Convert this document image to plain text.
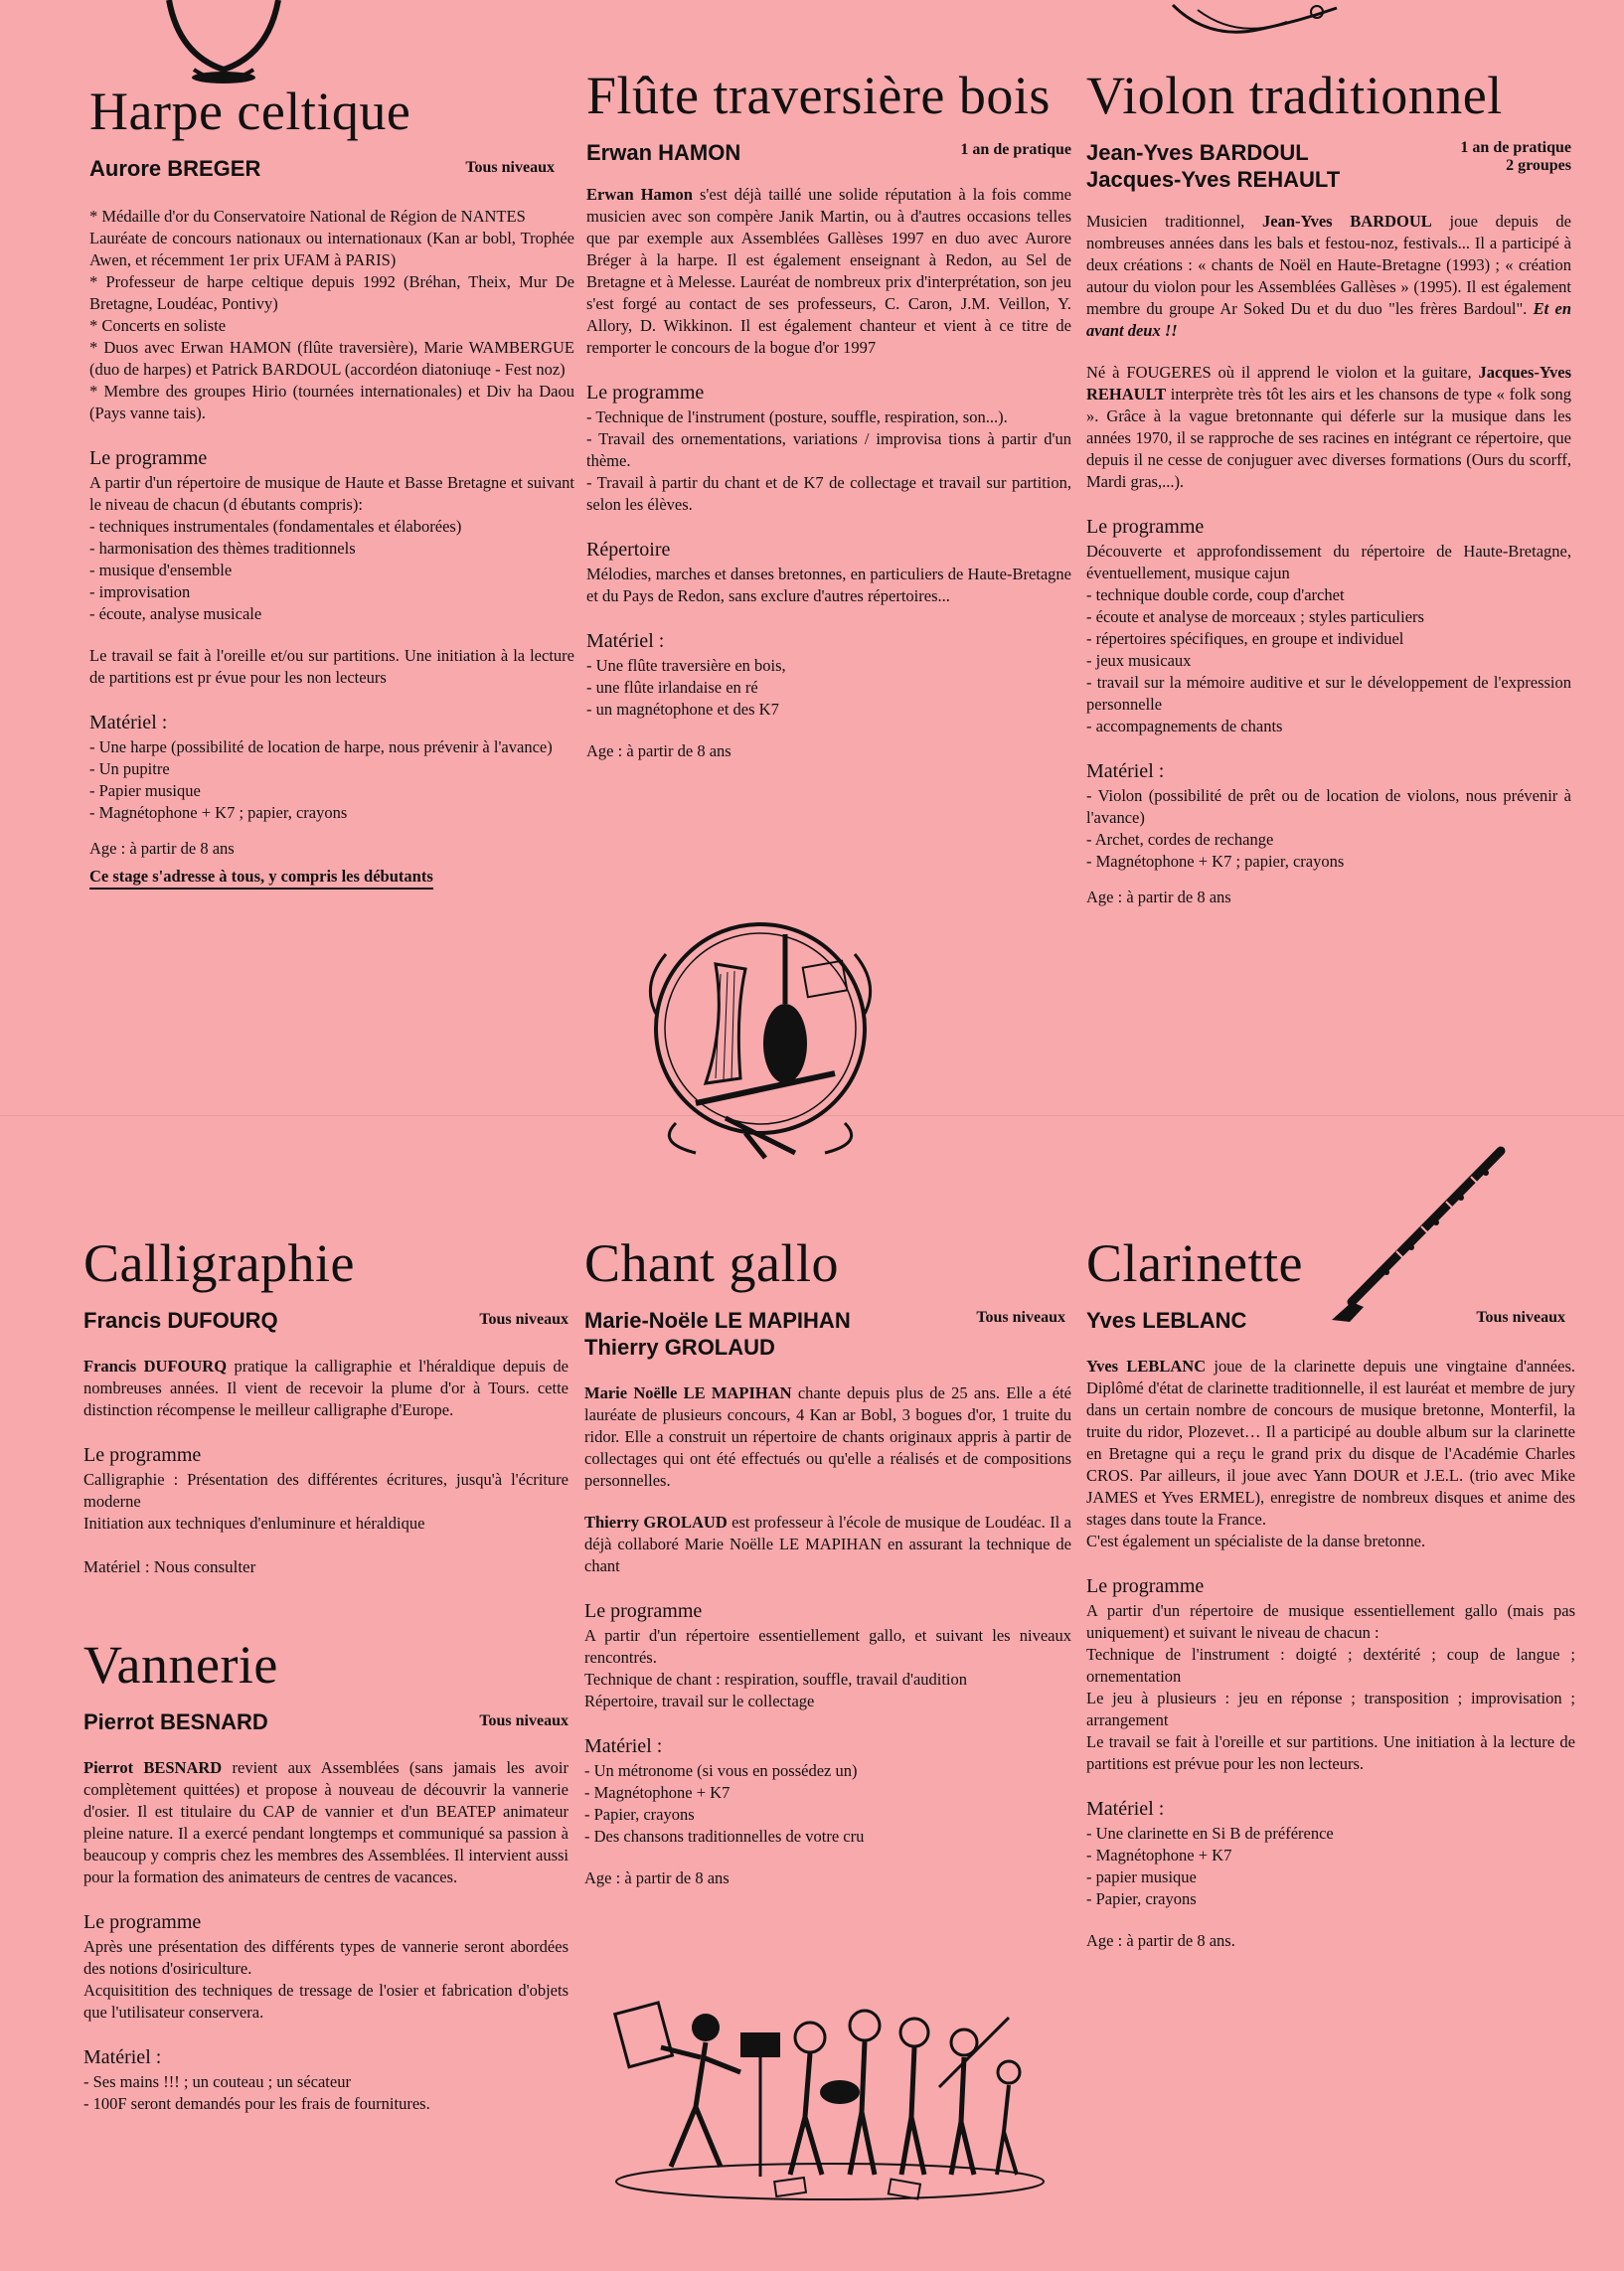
Harpe celtique
Tous niveaux
Aurore BREGER

* Médaille d'or du Conservatoire National de Région de NANTES

Lauréate de concours nationaux ou internationaux (Kan ar bobl, Trophée Awen, et récemment 1er prix UFAM à PARIS)

* Professeur de harpe celtique depuis 1992 (Bréhan, Theix, Mur De Bretagne, Loudéac, Pontivy)

* Concerts en soliste

* Duos avec Erwan HAMON (flûte traversière), Marie WAMBERGUE (duo de harpes) et Patrick BARDOUL (accordéon diatoniuqe - Fest noz)

* Membre des groupes Hirio (tournées internationales) et Div ha Daou (Pays vanne tais).

Le programme

A partir d'un répertoire de musique de Haute et Basse Bretagne et suivant le niveau de chacun (d ébutants compris):

- techniques instrumentales (fondamentales et élaborées)

- harmonisation des thèmes traditionnels

- musique d'ensemble

- improvisation

- écoute, analyse musicale

Le travail se fait à l'oreille et/ou sur partitions. Une initiation à la lecture de partitions est pr évue pour les non lecteurs

Matériel :

- Une harpe (possibilité de location de harpe, nous prévenir à l'avance)

- Un pupitre

- Papier musique

- Magnétophone + K7 ; papier, crayons

Age : à partir de 8 ans

Ce stage s'adresse à tous, y compris les débutants
Flûte traversière bois
1 an de pratique
Erwan HAMON

Erwan Hamon s'est déjà taillé une solide réputation à la fois comme musicien avec son compère Janik Martin, ou à d'autres occasions telles que par exemple aux Assemblées Gallèses 1997 en duo avec Aurore Bréger à la harpe. Il est également enseignant à Redon, au Sel de Bretagne et à Melesse. Lauréat de nombreux prix d'interprétation, son jeu s'est forgé au contact de ses professeurs, C. Caron, J.M. Veillon, Y. Allory, D. Wikkinon. Il est également chanteur et vient à ce titre de remporter le concours de la bogue d'or 1997

Le programme

- Technique de l'instrument (posture, souffle, respiration, son...).

- Travail des ornementations, variations / improvisa tions à partir d'un thème.

- Travail à partir du chant et de K7 de collectage et travail sur partition, selon les élèves.

Répertoire

Mélodies, marches et danses bretonnes, en particuliers de Haute-Bretagne et du Pays de Redon, sans exclure d'autres répertoires...

Matériel :

- Une flûte traversière en bois,

- une flûte irlandaise en ré

- un magnétophone et des K7

Age : à partir de 8 ans

Violon traditionnel
1 an de pratique
2 groupes
Jean-Yves BARDOUL
Jacques-Yves REHAULT

Musicien traditionnel, Jean-Yves BARDOUL joue depuis de nombreuses années dans les bals et festou-noz, festivals... Il a participé à deux créations : « chants de Noël en Haute-Bretagne (1993) ; « création autour du violon pour les Assemblées Gallèses » (1995). Il est également membre du groupe Ar Soked Du et du duo "les frères Bardoul". Et en avant deux !!

Né à FOUGERES où il apprend le violon et la guitare, Jacques-Yves REHAULT interprète très tôt les airs et les chansons de type « folk song ». Grâce à la vague bretonnante qui déferle sur la musique dans les années 1970, il se rapproche de ses racines en intégrant ce répertoire, que depuis il ne cesse de conjuguer avec diverses formations (Ours du scorff, Mardi gras,...).

Le programme

Découverte et approfondissement du répertoire de Haute-Bretagne, éventuellement, musique cajun

- technique double corde, coup d'archet

- écoute et analyse de morceaux ; styles particuliers

- répertoires spécifiques, en groupe et individuel

- jeux musicaux

- travail sur la mémoire auditive et sur le développement de l'expression personnelle

- accompagnements de chants

Matériel :

- Violon (possibilité de prêt ou de location de violons, nous prévenir à l'avance)

- Archet, cordes de rechange

- Magnétophone + K7 ; papier, crayons

Age : à partir de 8 ans

Calligraphie
Tous niveaux
Francis DUFOURQ

Francis DUFOURQ pratique la calligraphie et l'héraldique depuis de nombreuses années. Il vient de recevoir la plume d'or à Tours. cette distinction récompense le meilleur calligraphe d'Europe.

Le programme

Calligraphie : Présentation des différentes écritures, jusqu'à l'écriture moderne

Initiation aux techniques d'enluminure et héraldique

Matériel : Nous consulter

Vannerie
Tous niveaux
Pierrot BESNARD

Pierrot BESNARD revient aux Assemblées (sans jamais les avoir complètement quittées) et propose à nouveau de découvrir la vannerie d'osier. Il est titulaire du CAP de vannier et d'un BEATEP animateur pleine nature. Il a exercé pendant longtemps et communiqué sa passion à beaucoup y compris chez les membres des Assemblées. Il intervient aussi pour la formation des animateurs de centres de vacances.

Le programme

Après une présentation des différents types de vannerie seront abordées des notions d'osiriculture.

Acquisitition des techniques de tressage de l'osier et fabrication d'objets que l'utilisateur conservera.

Matériel :

- Ses mains !!! ; un couteau ; un sécateur

- 100F seront demandés pour les frais de fournitures.

Chant gallo
Tous niveaux
Marie-Noële LE MAPIHAN
Thierry GROLAUD

Marie Noëlle LE MAPIHAN chante depuis plus de 25 ans. Elle a été lauréate de plusieurs concours, 4 Kan ar Bobl, 3 bogues d'or, 1 truite du ridor. Elle a construit un répertoire de chants originaux appris à partir de collectages qui ont été effectués ou qu'elle a réalisés et de compositions personnelles.

Thierry GROLAUD est professeur à l'école de musique de Loudéac. Il a déjà collaboré Marie Noëlle LE MAPIHAN en assurant la technique de chant

Le programme

A partir d'un répertoire essentiellement gallo, et suivant les niveaux rencontrés.

Technique de chant : respiration, souffle, travail d'audition

Répertoire, travail sur le collectage

Matériel :

- Un métronome (si vous en possédez un)

- Magnétophone + K7

- Papier, crayons

- Des chansons traditionnelles de votre cru

Age : à partir de 8 ans

Clarinette
Tous niveaux
Yves LEBLANC

Yves LEBLANC joue de la clarinette depuis une vingtaine d'années. Diplômé d'état de clarinette traditionnelle, il est lauréat et membre de jury dans un certain nombre de concours de musique bretonne, Monterfil, la truite du ridor, Plozevet… Il a participé au double album sur la clarinette en Bretagne qui a reçu le grand prix du disque de l'Académie Charles CROS. Par ailleurs, il joue avec Yann DOUR et J.E.L. (trio avec Mike JAMES et Yves ERMEL), enregistre de nombreux disques et anime des stages dans toute la France.

C'est également un spécialiste de la danse bretonne.

Le programme

A partir d'un répertoire de musique essentiellement gallo (mais pas uniquement) et suivant le niveau de chacun :

Technique de l'instrument : doigté ; dextérité ; coup de langue ; ornementation

Le jeu à plusieurs : jeu en réponse ; transposition ; improvisation ; arrangement

Le travail se fait à l'oreille et sur partitions. Une initiation à la lecture de partitions est prévue pour les non lecteurs.

Matériel :

- Une clarinette en Si B de préférence

- Magnétophone + K7

- papier musique

- Papier, crayons

Age : à partir de 8 ans.
